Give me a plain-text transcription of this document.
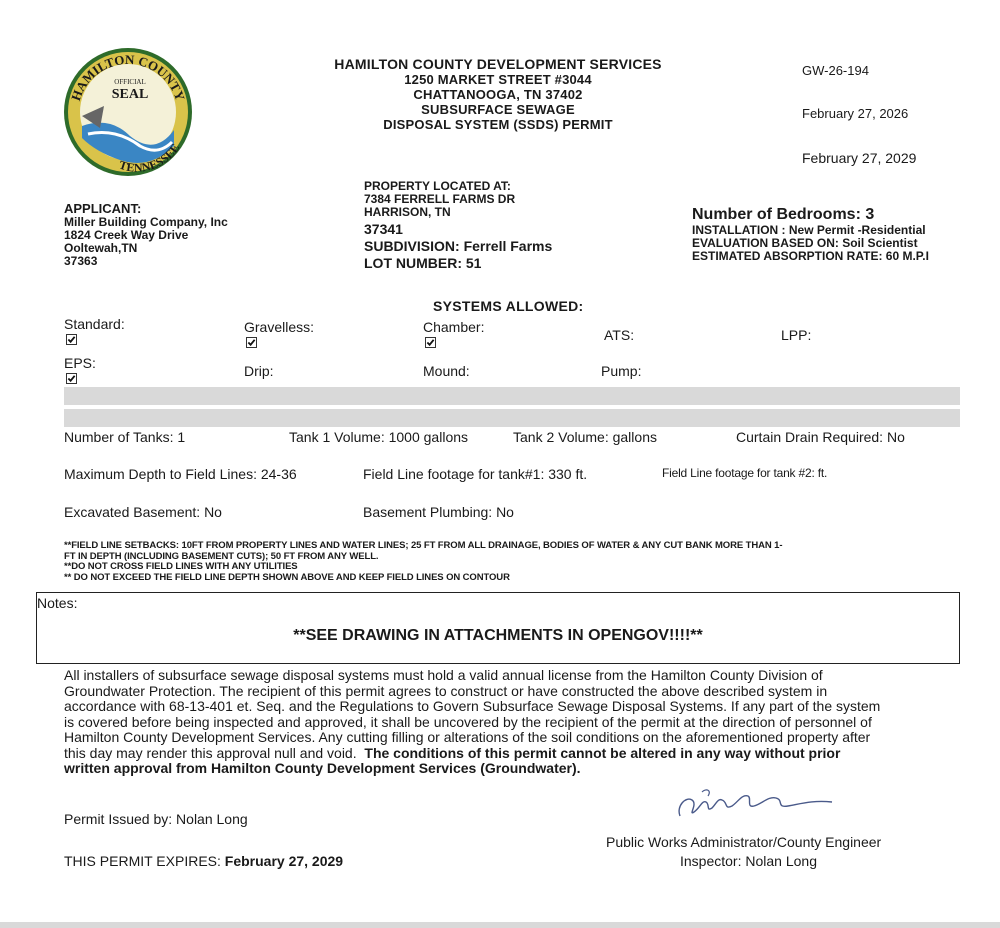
HAMILTON COUNTY
OFFICIAL
SEAL
TENNESSEE
HAMILTON COUNTY DEVELOPMENT SERVICES
1250 MARKET STREET #3044
CHATTANOOGA, TN 37402
SUBSURFACE SEWAGE
DISPOSAL SYSTEM (SSDS) PERMIT
GW-26-194
February 27, 2026
February 27, 2029
APPLICANT:
Miller Building Company, Inc
1824 Creek Way Drive
Ooltewah,TN
37363
PROPERTY LOCATED AT:
7384 FERRELL FARMS DR
HARRISON, TN
37341
SUBDIVISION: Ferrell Farms
LOT NUMBER: 51
Number of Bedrooms: 3
INSTALLATION : New Permit -Residential
EVALUATION BASED ON: Soil Scientist
ESTIMATED ABSORPTION RATE: 60 M.P.I
SYSTEMS ALLOWED:
Standard:	Gravelless:	Chamber:	ATS:	LPP:
EPS:	Drip:	Mound:	Pump:
Number of Tanks: 1	Tank 1 Volume: 1000 gallons	Tank 2 Volume: gallons	Curtain Drain Required: No
Maximum Depth to Field Lines: 24-36	Field Line footage for tank#1: 330 ft.	Field Line footage for tank #2: ft.
Excavated Basement: No	Basement Plumbing: No
**FIELD LINE SETBACKS: 10FT FROM PROPERTY LINES AND WATER LINES; 25 FT FROM ALL DRAINAGE, BODIES OF WATER & ANY CUT BANK MORE THAN 1-
FT IN DEPTH (INCLUDING BASEMENT CUTS); 50 FT FROM ANY WELL.
**DO NOT CROSS FIELD LINES WITH ANY UTILITIES
** DO NOT EXCEED THE FIELD LINE DEPTH SHOWN ABOVE AND KEEP FIELD LINES ON CONTOUR
Notes:
**SEE DRAWING IN ATTACHMENTS IN OPENGOV!!!!**
All installers of subsurface sewage disposal systems must hold a valid annual license from the Hamilton County Division of
Groundwater Protection. The recipient of this permit agrees to construct or have constructed the above described system in
accordance with 68-13-401 et. Seq. and the Regulations to Govern Subsurface Sewage Disposal Systems. If any part of the system
is covered before being inspected and approved, it shall be uncovered by the recipient of the permit at the direction of personnel of
Hamilton County Development Services. Any cutting filling or alterations of the soil conditions on the aforementioned property after
this day may render this approval null and void.  The conditions of this permit cannot be altered in any way without prior
written approval from Hamilton County Development Services (Groundwater).
Permit Issued by: Nolan Long
THIS PERMIT EXPIRES: February 27, 2029
Public Works Administrator/County Engineer
Inspector: Nolan Long
